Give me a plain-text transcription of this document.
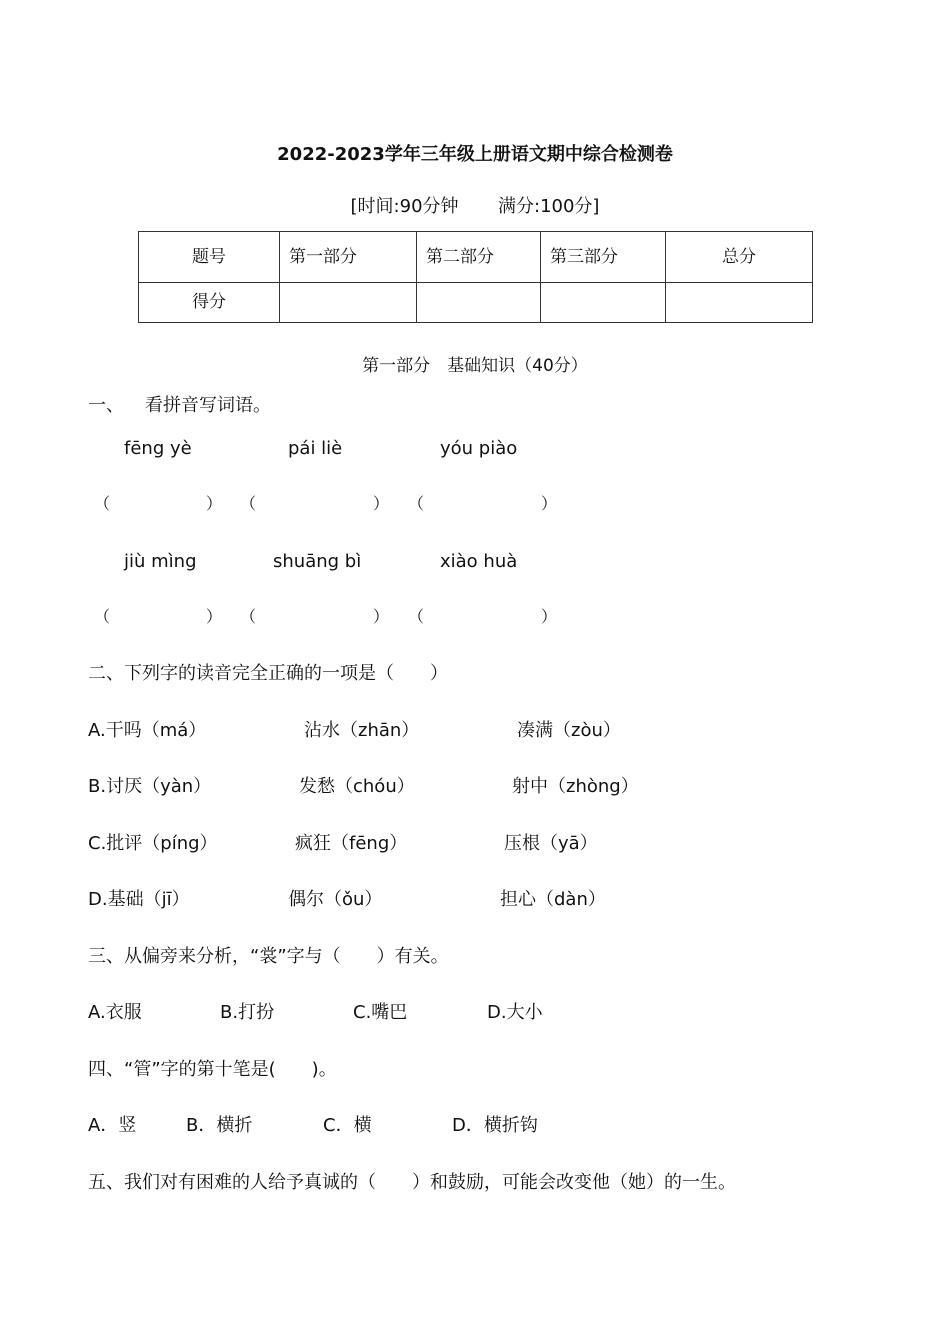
2022-2023学年三年级上册语文期中综合检测卷
[时间:90分钟 满分:100分]
题号	第一部分	第二部分	第三部分	总分
得分				
第一部分　基础知识（40分）
一、 看拼音写词语。
fēng yè	pái liè	yóu piào
（	） （	） （	）
jiù mìng	shuāng bì	xiào huà
（	） （	） （	）
二、下列字的读音完全正确的一项是（　　）
A.干吗（má）	沾水（zhān）	凑满（zòu）
B.讨厌（yàn）	发愁（chóu）	射中（zhòng）
C.批评（píng）	疯狂（fēng）	压根（yā）
D.基础（jī）	偶尔（ǒu）	担心（dàn）
三、从偏旁来分析，“裳”字与（　　）有关。
A.衣服	B.打扮	C.嘴巴	D.大小
四、“管”字的第十笔是(　　)。
A．竖	B．横折	C．横	D．横折钩
五、我们对有困难的人给予真诚的（　　）和鼓励，可能会改变他（她）的一生。
